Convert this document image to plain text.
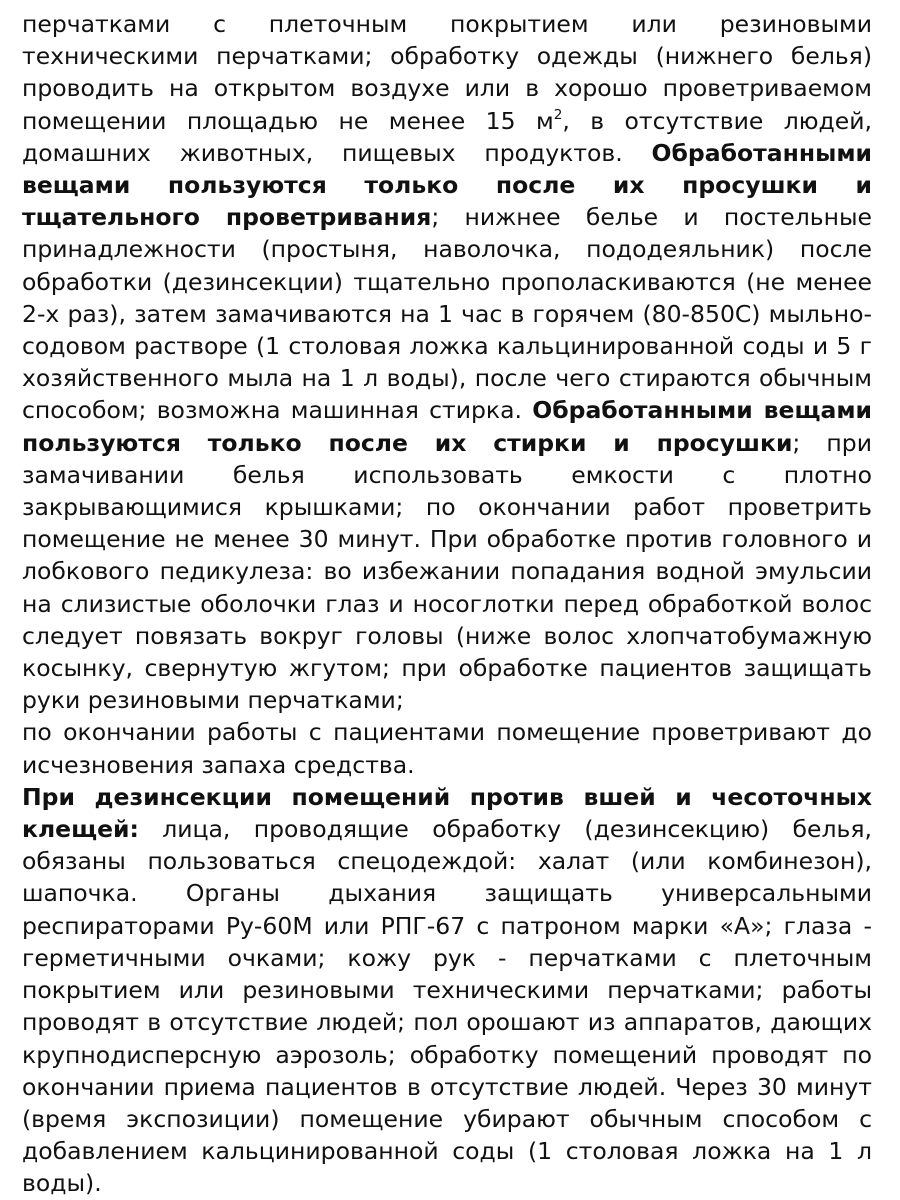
перчатками с плеточным покрытием или резиновыми техническими перчатками; обработку одежды (нижнего белья) проводить на открытом воздухе или в хорошо проветриваемом помещении площадью не менее 15 $м^2$, в отсутствие людей, домашних животных, пищевых продуктов. Обработанными вещами пользуются только после их просушки и тщательного проветривания; нижнее белье и постельные принадлежности (простыня, наволочка, пододеяльник) после обработки (дезинсекции) тщательно прополаскиваются (не менее 2-х раз), затем замачиваются на 1 час в горячем (80-850С) мыльно-содовом растворе (1 столовая ложка кальцинированной соды и 5 г хозяйственного мыла на 1 л воды), после чего стираются обычным способом; возможна машинная стирка. Обработанными вещами пользуются только после их стирки и просушки; при замачивании белья использовать емкости с плотно закрывающимися крышками; по окончании работ проветрить помещение не менее 30 минут. При обработке против головного и лобкового педикулеза: во избежании попадания водной эмульсии на слизистые оболочки глаз и носоглотки перед обработкой волос следует повязать вокруг головы (ниже волос хлопчатобумажную косынку, свернутую жгутом; при обработке пациентов защищать руки резиновыми перчатками;

по окончании работы с пациентами помещение проветривают до исчезновения запаха средства.

При дезинсекции помещений против вшей и чесоточных клещей: лица, проводящие обработку (дезинсекцию) белья, обязаны пользоваться спецодеждой: халат (или комбинезон), шапочка. Органы дыхания защищать универсальными респираторами Ру-60М или РПГ-67 с патроном марки «А»; глаза - герметичными очками; кожу рук - перчатками с плеточным покрытием или резиновыми техническими перчатками; работы проводят в отсутствие людей; пол орошают из аппаратов, дающих крупнодисперсную аэрозоль; обработку помещений проводят по окончании приема пациентов в отсутствие людей. Через 30 минут (время экспозиции) помещение убирают обычным способом с добавлением кальцинированной соды (1 столовая ложка на 1 л воды).
